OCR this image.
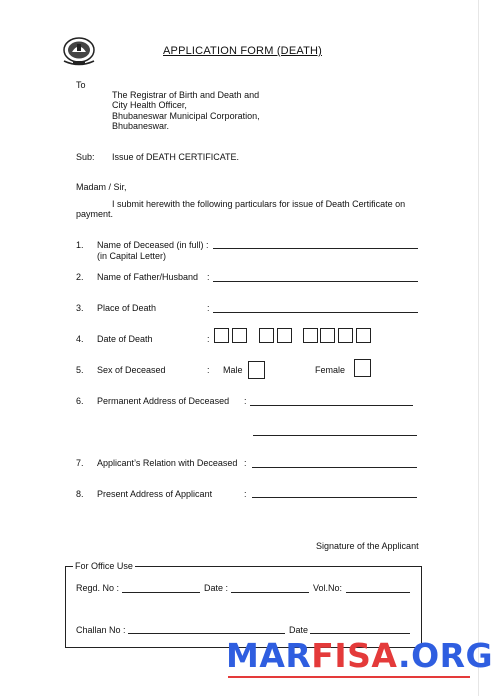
APPLICATION FORM (DEATH)
To
The Registrar of Birth and Death and
City Health Officer,
Bhubaneswar Municipal Corporation,
Bhubaneswar.
Sub: Issue of DEATH CERTIFICATE.
Madam / Sir,
I submit herewith the following particulars for issue of Death Certificate on
payment.
1. Name of Deceased (in full) :
(in Capital Letter)
2. Name of Father/Husband :
3. Place of Death	:
4. Date of Death	:
5. Sex of Deceased	: Male	Female
6. Permanent Address of Deceased :
7. Applicant’s Relation with Deceased :
8. Present Address of Applicant	:
Signature of the Applicant
For Office Use
Regd. No :	Date :	Vol.No:
Challan No :	Date
MARFISA.ORG
